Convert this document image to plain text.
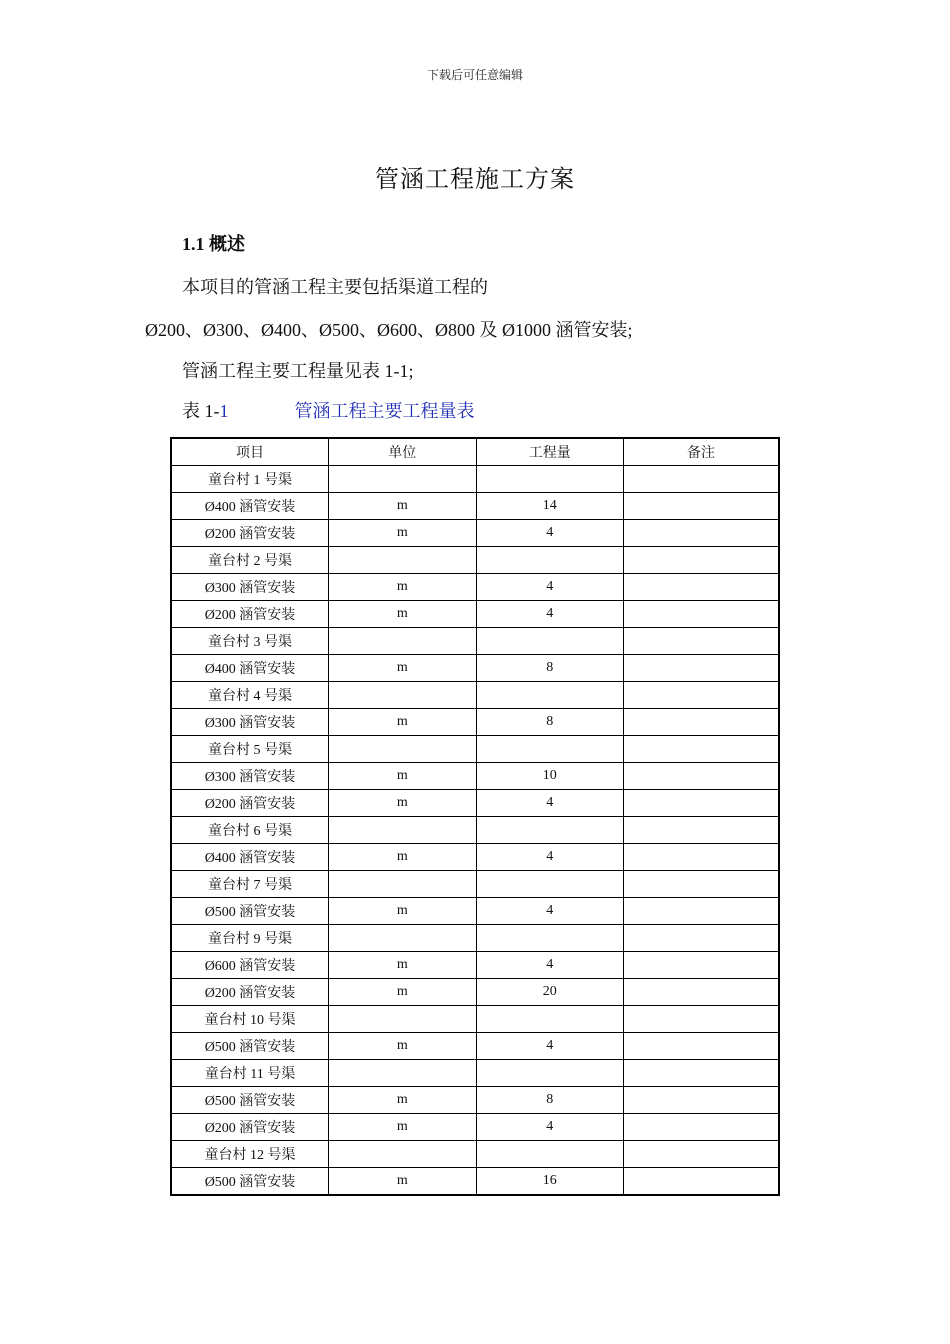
下载后可任意编辑
管涵工程施工方案
1.1 概述
本项目的管涵工程主要包括渠道工程的
Ø200、Ø300、Ø400、Ø500、Ø600、Ø800 及 Ø1000 涵管安装;
管涵工程主要工程量见表 1-1;
表 1-1	管涵工程主要工程量表
项目	单位	工程量	备注
童台村 1 号渠			
Ø400 涵管安装	m	14	
Ø200 涵管安装	m	4	
童台村 2 号渠			
Ø300 涵管安装	m	4	
Ø200 涵管安装	m	4	
童台村 3 号渠			
Ø400 涵管安装	m	8	
童台村 4 号渠			
Ø300 涵管安装	m	8	
童台村 5 号渠			
Ø300 涵管安装	m	10	
Ø200 涵管安装	m	4	
童台村 6 号渠			
Ø400 涵管安装	m	4	
童台村 7 号渠			
Ø500 涵管安装	m	4	
童台村 9 号渠			
Ø600 涵管安装	m	4	
Ø200 涵管安装	m	20	
童台村 10 号渠			
Ø500 涵管安装	m	4	
童台村 11 号渠			
Ø500 涵管安装	m	8	
Ø200 涵管安装	m	4	
童台村 12 号渠			
Ø500 涵管安装	m	16	
